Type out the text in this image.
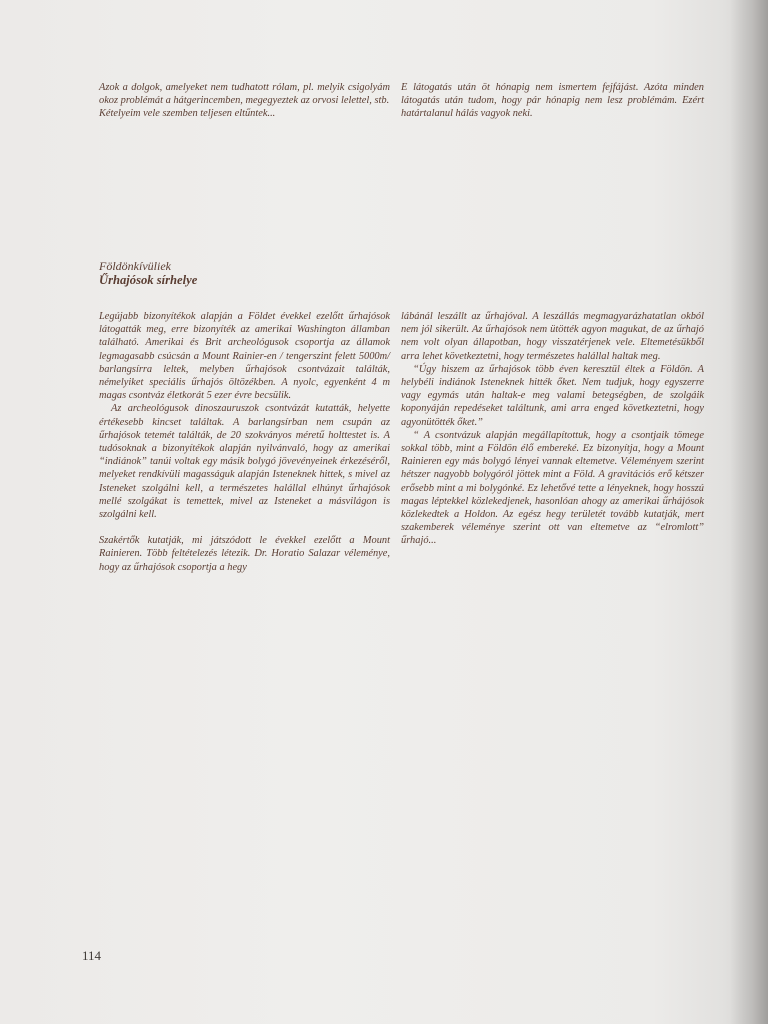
Azok a dolgok, amelyeket nem tudhatott rólam, pl. melyik csigolyám okoz problémát a hátgerincemben, megegyeztek az orvosi lelettel, stb.

Kételyeim vele szemben teljesen eltűntek...

E látogatás után öt hónapig nem ismertem fejfájást. Azóta minden látogatás után tudom, hogy pár hónapig nem lesz problémám. Ezért határtalanul hálás vagyok neki.

Földönkívüliek
Űrhajósok sírhelye

Legújabb bizonyítékok alapján a Földet évekkel ezelőtt űrhajósok látogatták meg, erre bizonyíték az amerikai Washington államban található. Amerikai és Brit archeológusok csoportja az államok legmagasabb csúcsán a Mount Rainier-en / tengerszint felett 5000m/ barlangsírra leltek, melyben űrhajósok csontvázait találták, némelyiket speciális űrhajós öltözékben. A nyolc, egyenként 4 m magas csontváz életkorát 5 ezer évre becsülik.

Az archeológusok dinoszauruszok csontvázát kutatták, helyette értékesebb kincset találtak. A barlangsírban nem csupán az űrhajósok tetemét találták, de 20 szokványos méretű holttestet is. A tudósoknak a bizonyítékok alapján nyilvánvaló, hogy az amerikai “indiánok” tanúi voltak egy másik bolygó jövevényeinek érkezéséről, melyeket rendkívüli magasságuk alapján Isteneknek hittek, s mivel az Isteneket szolgálni kell, a természetes halállal elhúnyt űrhajósok mellé szolgákat is temettek, mivel az Isteneket a másvilágon is szolgálni kell.

Szakértők kutatják, mi játszódott le évekkel ezelőtt a Mount Rainieren. Több feltételezés létezik. Dr. Horatio Salazar véleménye, hogy az űrhajósok csoportja a hegy

lábánál leszállt az űrhajóval. A leszállás megmagyarázhatatlan okból nem jól sikerült. Az űrhajósok nem ütötték agyon magukat, de az űrhajó nem volt olyan állapotban, hogy visszatérjenek vele. Eltemetésükből arra lehet következtetni, hogy természetes halállal haltak meg.

“Úgy hiszem az űrhajósok több éven keresztül éltek a Földön. A helybéli indiánok Isteneknek hitték őket. Nem tudjuk, hogy egyszerre vagy egymás után haltak-e meg valami betegségben, de szolgáik koponyáján repedéseket találtunk, ami arra enged következtetni, hogy agyonütötték őket.”

“ A csontvázuk alapján megállapítottuk, hogy a csontjaik tömege sokkal több, mint a Földön élő embereké. Ez bizonyítja, hogy a Mount Rainieren egy más bolygó lényei vannak eltemetve. Véleményem szerint hétszer nagyobb bolygóról jöttek mint a Föld. A gravitációs erő kétszer erősebb mint a mi bolygónké. Ez lehetővé tette a lényeknek, hogy hosszú magas léptekkel közlekedjenek, hasonlóan ahogy az amerikai űrhájósok közlekedtek a Holdon. Az egész hegy területét tovább kutatják, mert szakemberek véleménye szerint ott van eltemetve az “elromlott” űrhajó...

114
